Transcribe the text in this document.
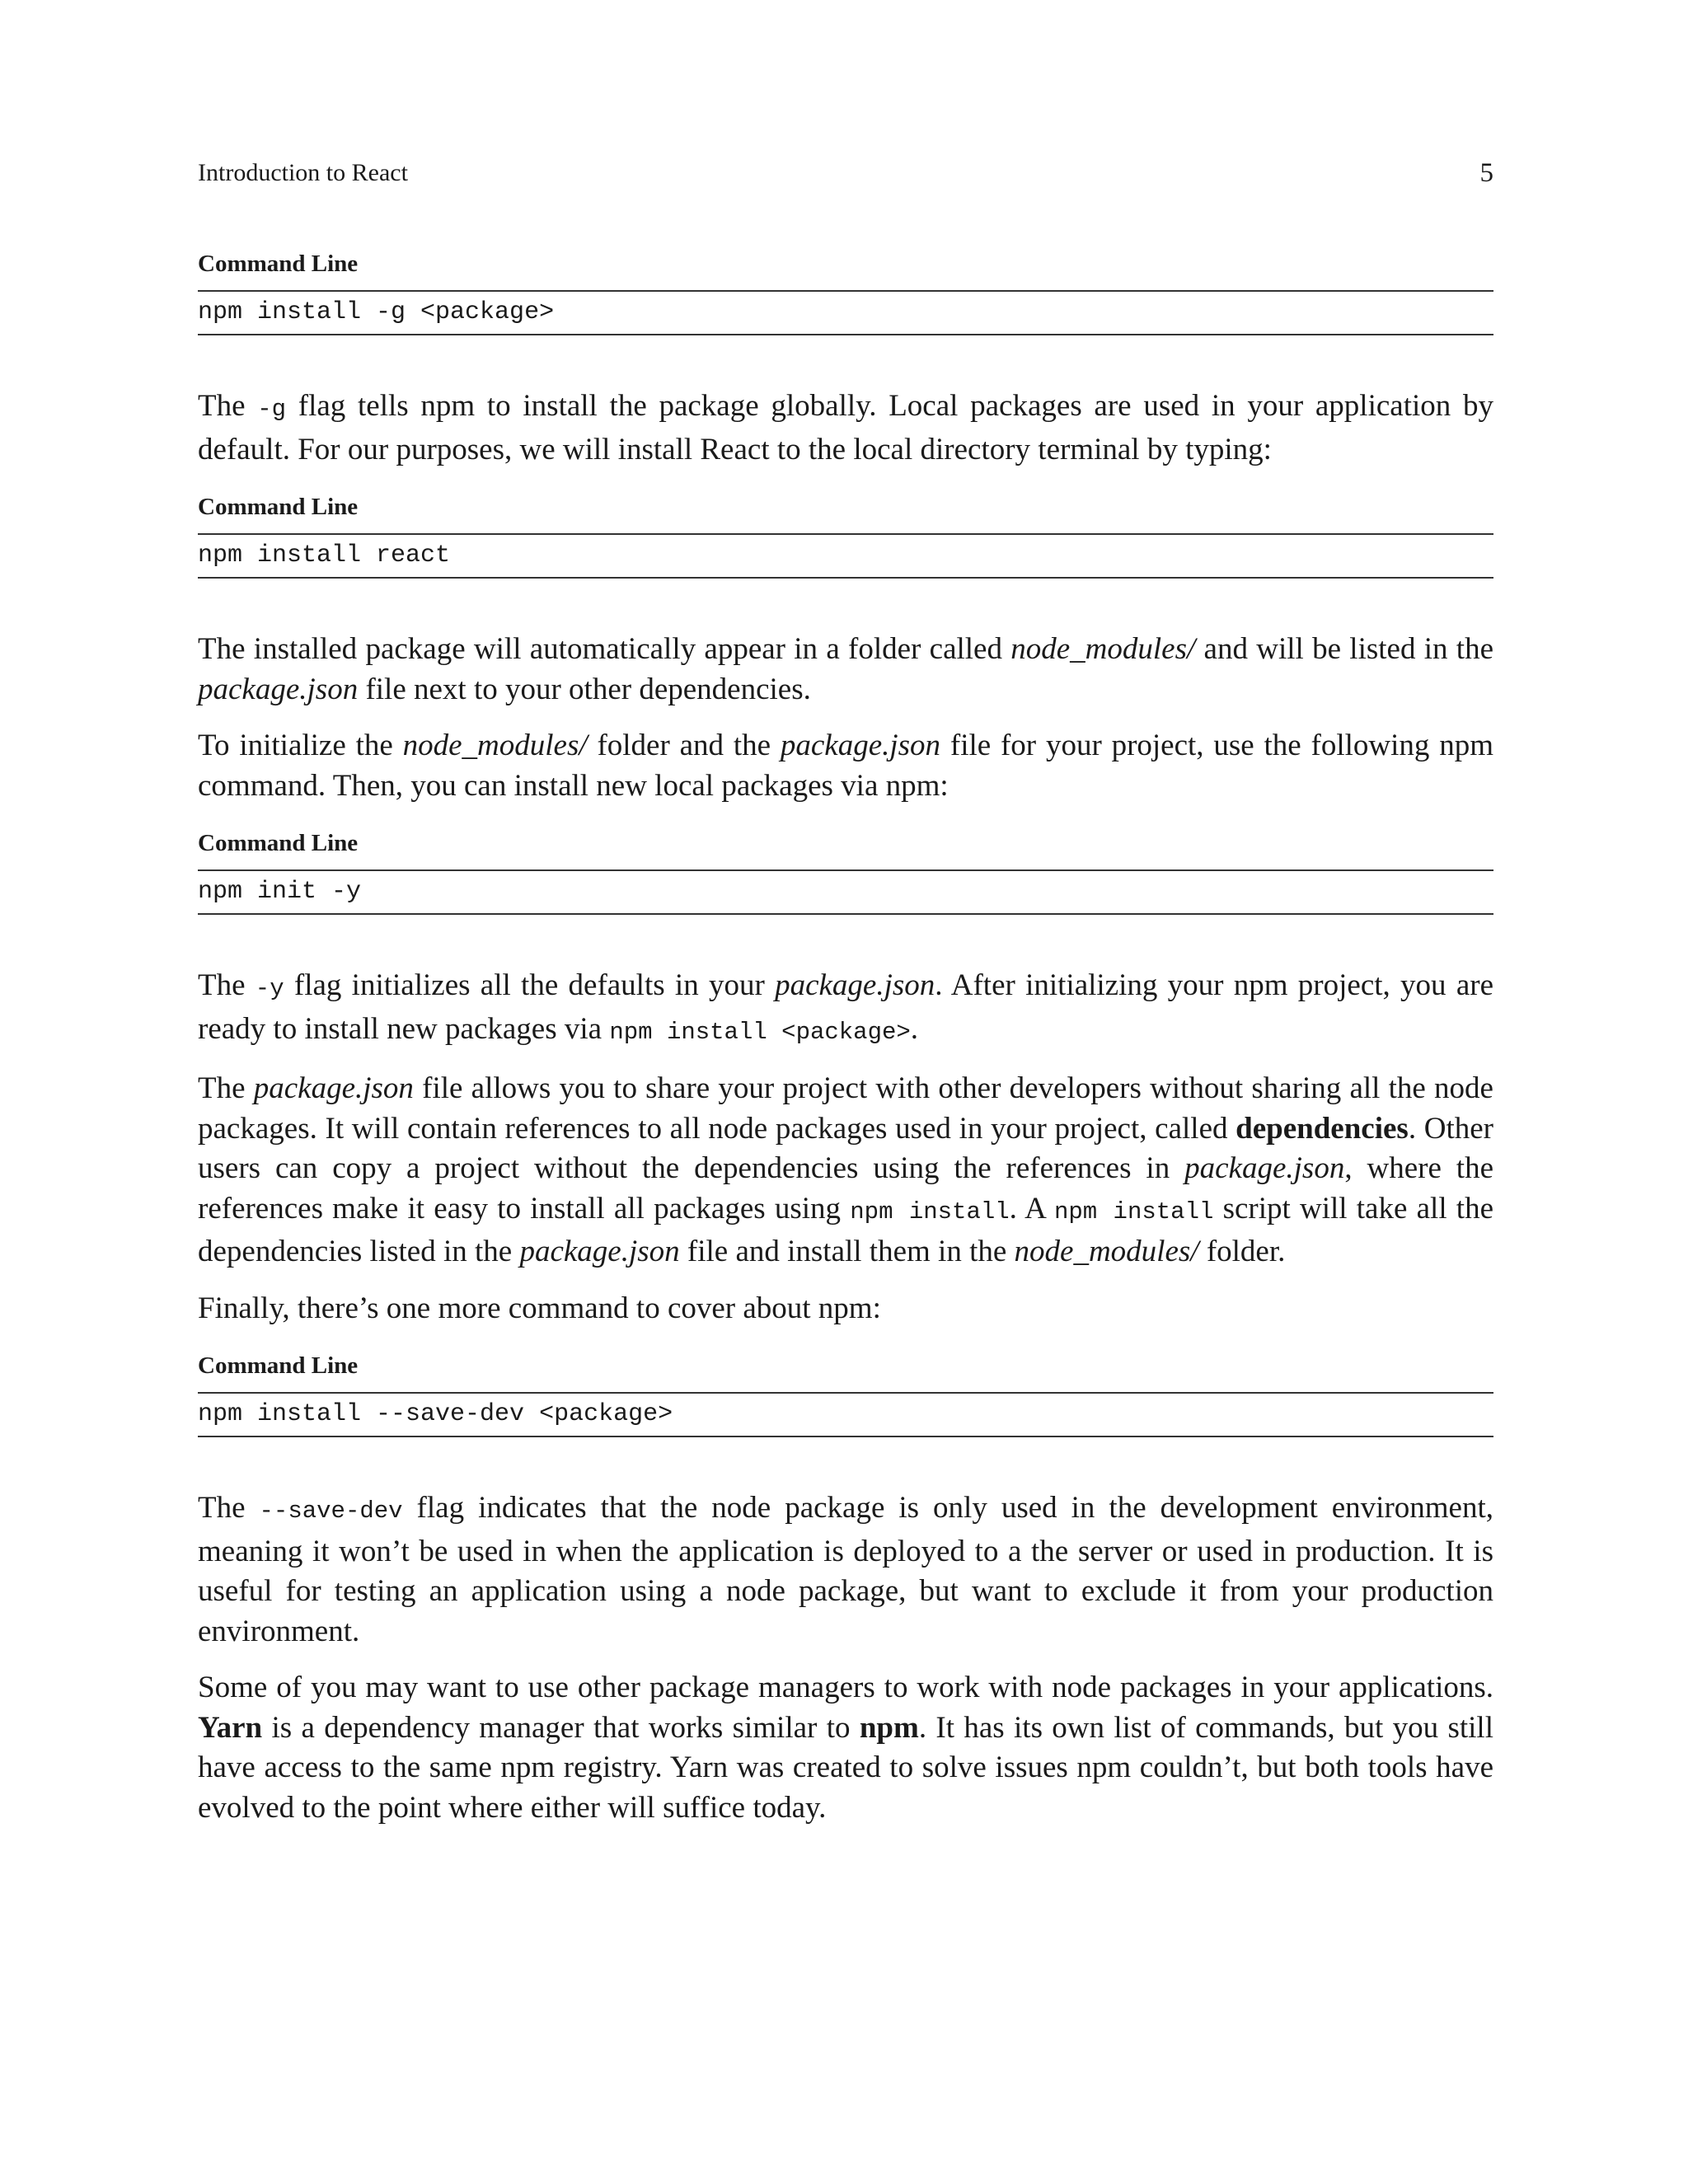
Introduction to React	5
Command Line
npm install -g <package>

The -g flag tells npm to install the package globally. Local packages are used in your application by default. For our purposes, we will install React to the local directory terminal by typing:

Command Line
npm install react

The installed package will automatically appear in a folder called node_modules/ and will be listed in the package.json file next to your other dependencies.

To initialize the node_modules/ folder and the package.json file for your project, use the following npm command. Then, you can install new local packages via npm:

Command Line
npm init -y

The -y flag initializes all the defaults in your package.json. After initializing your npm project, you are ready to install new packages via npm install <package>.

The package.json file allows you to share your project with other developers without sharing all the node packages. It will contain references to all node packages used in your project, called dependencies. Other users can copy a project without the dependencies using the references in package.json, where the references make it easy to install all packages using npm install. A npm install script will take all the dependencies listed in the package.json file and install them in the node_modules/ folder.

Finally, there’s one more command to cover about npm:

Command Line
npm install --save-dev <package>

The --save-dev flag indicates that the node package is only used in the development environment, meaning it won’t be used in when the application is deployed to a the server or used in production. It is useful for testing an application using a node package, but want to exclude it from your production environment.

Some of you may want to use other package managers to work with node packages in your applications. Yarn is a dependency manager that works similar to npm. It has its own list of commands, but you still have access to the same npm registry. Yarn was created to solve issues npm couldn’t, but both tools have evolved to the point where either will suffice today.
